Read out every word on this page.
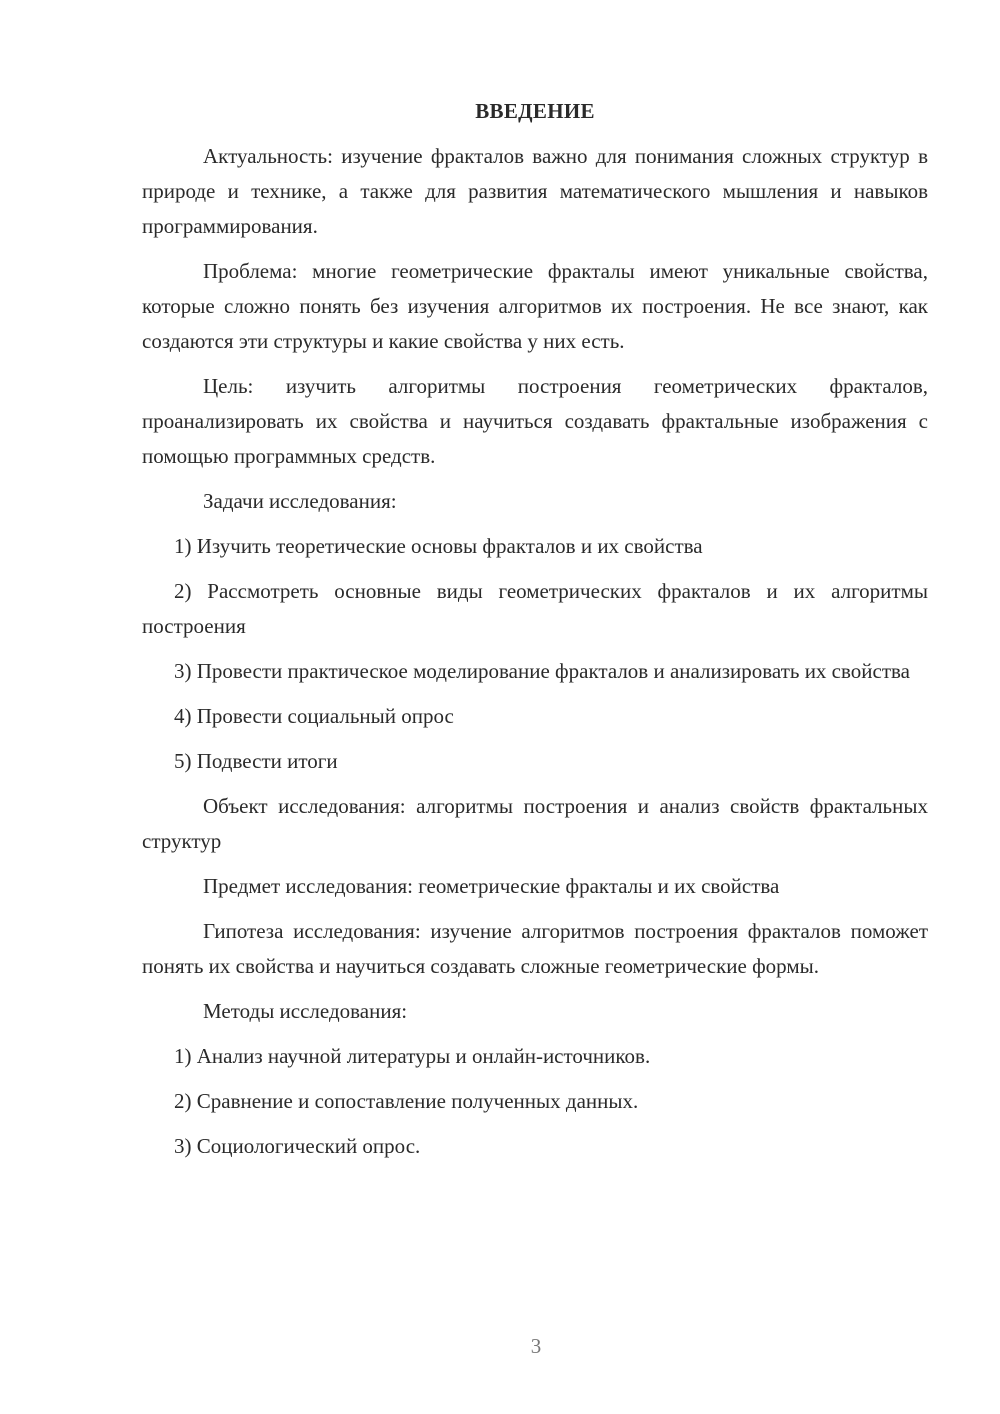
ВВЕДЕНИЕ

Актуальность: изучение фракталов важно для понимания сложных структур в природе и технике, а также для развития математического мышления и навыков программирования.

Проблема: многие геометрические фракталы имеют уникальные свойства, которые сложно понять без изучения алгоритмов их построения. Не все знают, как создаются эти структуры и какие свойства у них есть.

Цель: изучить алгоритмы построения геометрических фракталов, проанализировать их свойства и научиться создавать фрактальные изображения с помощью программных средств.

Задачи исследования:

1) Изучить теоретические основы фракталов и их свойства

2) Рассмотреть основные виды геометрических фракталов и их алгоритмы построения

3) Провести практическое моделирование фракталов и анализировать их свойства

4) Провести социальный опрос

5) Подвести итоги

Объект исследования: алгоритмы построения и анализ свойств фрактальных структур

Предмет исследования: геометрические фракталы и их свойства

Гипотеза исследования: изучение алгоритмов построения фракталов поможет понять их свойства и научиться создавать сложные геометрические формы.

Методы исследования:

1) Анализ научной литературы и онлайн-источников.

2) Сравнение и сопоставление полученных данных.

3) Социологический опрос.

3
